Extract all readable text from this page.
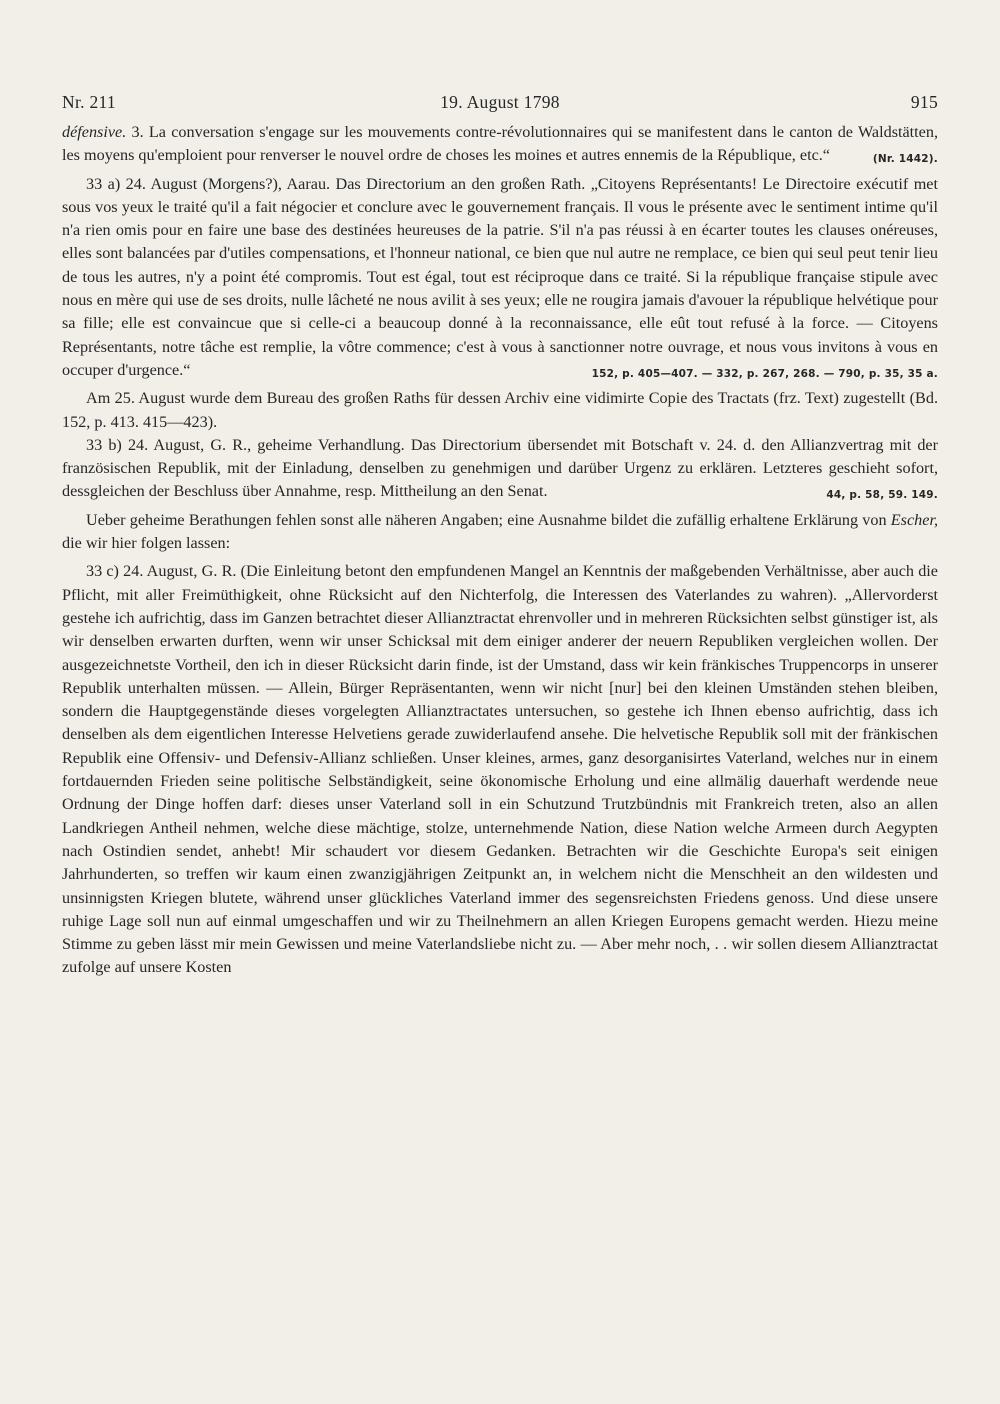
Nr. 211	19. August 1798	915

défensive. 3. La conversation s'engage sur les mouvements contre-révolutionnaires qui se manifestent dans le canton de Waldstätten, les moyens qu'emploient pour renverser le nouvel ordre de choses les moines et autres ennemis de la République, etc.“	(Nr. 1442).

33 a) 24. August (Morgens?), Aarau. Das Directorium an den großen Rath. „Citoyens Représentants! Le Directoire exécutif met sous vos yeux le traité qu'il a fait négocier et conclure avec le gouvernement français. Il vous le présente avec le sentiment intime qu'il n'a rien omis pour en faire une base des destinées heureuses de la patrie. S'il n'a pas réussi à en écarter toutes les clauses onéreuses, elles sont balancées par d'utiles compensations, et l'honneur national, ce bien que nul autre ne remplace, ce bien qui seul peut tenir lieu de tous les autres, n'y a point été compromis. Tout est égal, tout est réciproque dans ce traité. Si la république française stipule avec nous en mère qui use de ses droits, nulle lâcheté ne nous avilit à ses yeux; elle ne rougira jamais d'avouer la république helvétique pour sa fille; elle est convaincue que si celle-ci a beaucoup donné à la reconnaissance, elle eût tout refusé à la force. — Citoyens Représentants, notre tâche est remplie, la vôtre commence; c'est à vous à sanctionner notre ouvrage, et nous vous invitons à vous en occuper d'urgence.“	152, p. 405—407. — 332, p. 267, 268. — 790, p. 35, 35 a.

Am 25. August wurde dem Bureau des großen Raths für dessen Archiv eine vidimirte Copie des Tractats (frz. Text) zugestellt (Bd. 152, p. 413. 415—423).

33 b) 24. August, G. R., geheime Verhandlung. Das Directorium übersendet mit Botschaft v. 24. d. den Allianzvertrag mit der französischen Republik, mit der Einladung, denselben zu genehmigen und darüber Urgenz zu erklären. Letzteres geschieht sofort, dessgleichen der Beschluss über Annahme, resp. Mittheilung an den Senat.	44, p. 58, 59. 149.

Ueber geheime Berathungen fehlen sonst alle näheren Angaben; eine Ausnahme bildet die zufällig erhaltene Erklärung von Escher, die wir hier folgen lassen:

33 c) 24. August, G. R. (Die Einleitung betont den empfundenen Mangel an Kenntnis der maßgebenden Verhältnisse, aber auch die Pflicht, mit aller Freimüthigkeit, ohne Rücksicht auf den Nichterfolg, die Interessen des Vaterlandes zu wahren). „Allervorderst gestehe ich aufrichtig, dass im Ganzen betrachtet dieser Allianztractat ehrenvoller und in mehreren Rücksichten selbst günstiger ist, als wir denselben erwarten durften, wenn wir unser Schicksal mit dem einiger anderer der neuern Republiken vergleichen wollen. Der ausgezeichnetste Vortheil, den ich in dieser Rücksicht darin finde, ist der Umstand, dass wir kein fränkisches Truppencorps in unserer Republik unterhalten müssen. — Allein, Bürger Repräsentanten, wenn wir nicht [nur] bei den kleinen Umständen stehen bleiben, sondern die Hauptgegenstände dieses vorgelegten Allianztractates untersuchen, so gestehe ich Ihnen ebenso aufrichtig, dass ich denselben als dem eigentlichen Interesse Helvetiens gerade zuwiderlaufend ansehe. Die helvetische Republik soll mit der fränkischen Republik eine Offensiv- und Defensiv-Allianz schließen. Unser kleines, armes, ganz desorganisirtes Vaterland, welches nur in einem fortdauernden Frieden seine politische Selbständigkeit, seine ökonomische Erholung und eine allmälig dauerhaft werdende neue Ordnung der Dinge hoffen darf: dieses unser Vaterland soll in ein Schutzund Trutzbündnis mit Frankreich treten, also an allen Landkriegen Antheil nehmen, welche diese mächtige, stolze, unternehmende Nation, diese Nation welche Armeen durch Aegypten nach Ostindien sendet, anhebt! Mir schaudert vor diesem Gedanken. Betrachten wir die Geschichte Europa's seit einigen Jahrhunderten, so treffen wir kaum einen zwanzigjährigen Zeitpunkt an, in welchem nicht die Menschheit an den wildesten und unsinnigsten Kriegen blutete, während unser glückliches Vaterland immer des segensreichsten Friedens genoss. Und diese unsere ruhige Lage soll nun auf einmal umgeschaffen und wir zu Theilnehmern an allen Kriegen Europens gemacht werden. Hiezu meine Stimme zu geben lässt mir mein Gewissen und meine Vaterlandsliebe nicht zu. — Aber mehr noch, . . wir sollen diesem Allianztractat zufolge auf unsere Kosten
